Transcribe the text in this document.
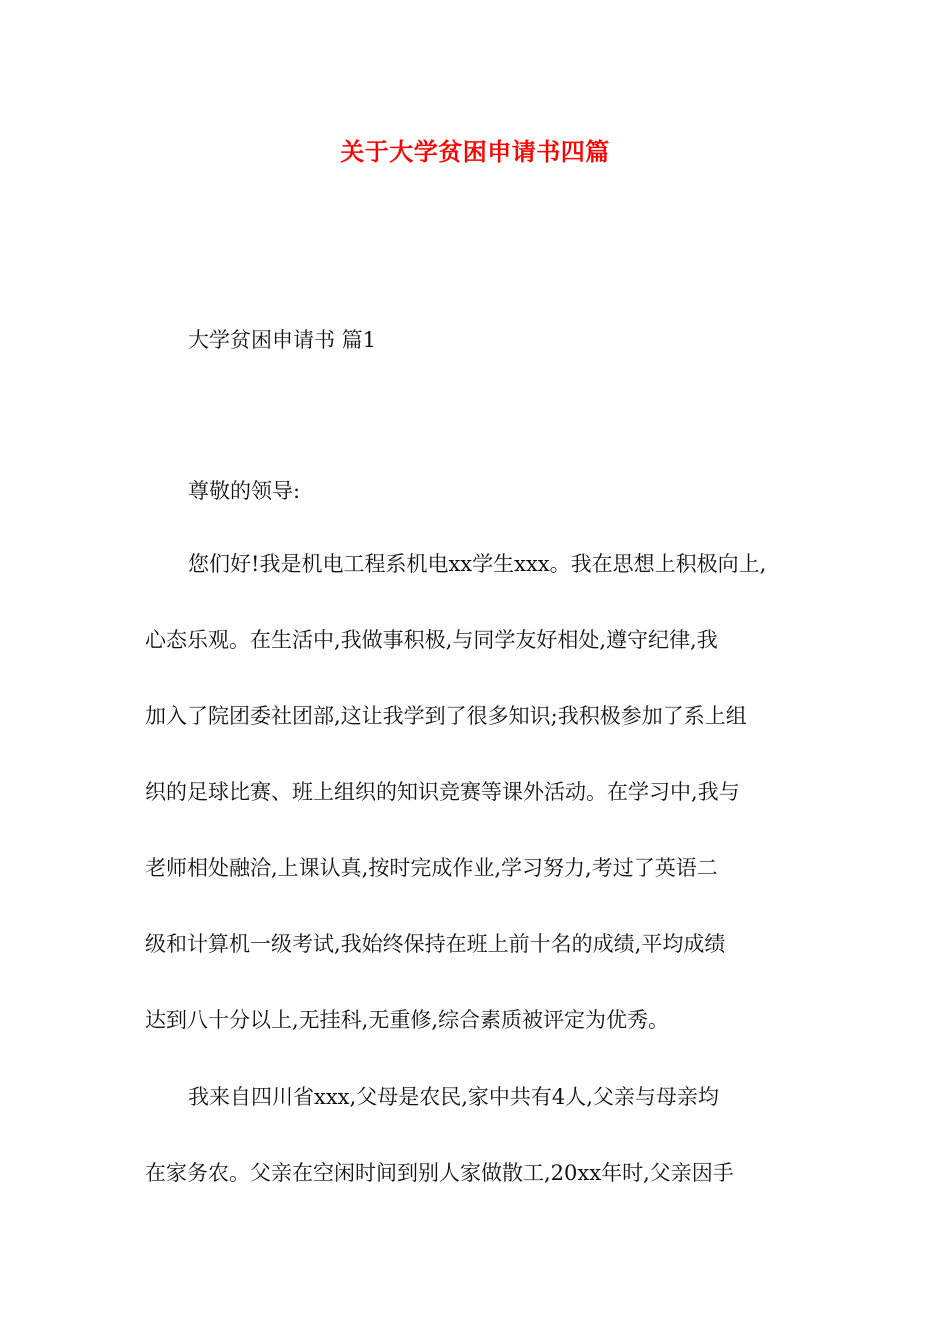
关于大学贫困申请书四篇
大学贫困申请书 篇1
尊敬的领导:
您们好!我是机电工程系机电xx学生xxx。我在思想上积极向上,
心态乐观。在生活中,我做事积极,与同学友好相处,遵守纪律,我
加入了院团委社团部,这让我学到了很多知识;我积极参加了系上组
织的足球比赛、班上组织的知识竞赛等课外活动。在学习中,我与
老师相处融洽,上课认真,按时完成作业,学习努力,考过了英语二
级和计算机一级考试,我始终保持在班上前十名的成绩,平均成绩
达到八十分以上,无挂科,无重修,综合素质被评定为优秀。
我来自四川省xxx,父母是农民,家中共有4人,父亲与母亲均
在家务农。父亲在空闲时间到别人家做散工,20xx年时,父亲因手
